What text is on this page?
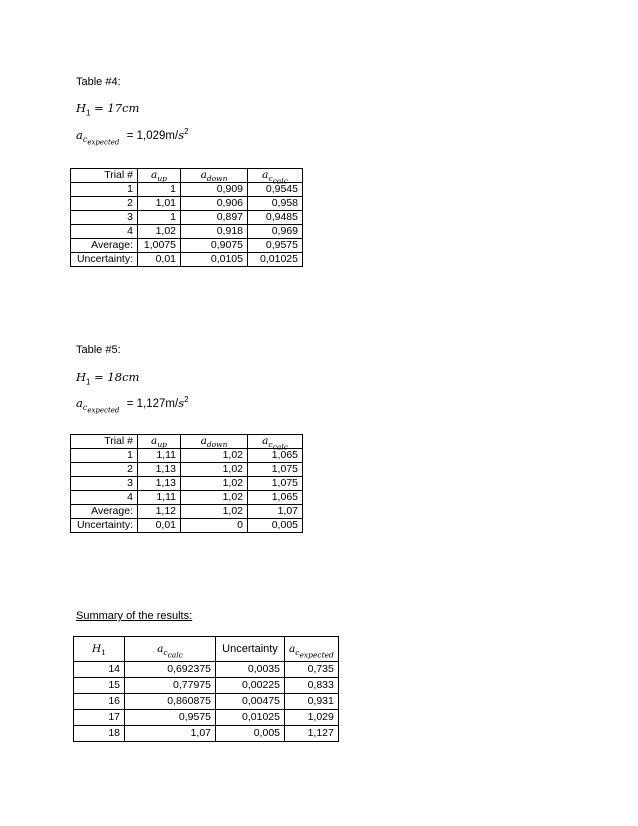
Table #4:
$H_1 = 17cm$
$a_{c_{expected}} = 1,029m/s^2$
Trial #	$a_{up}$	$a_{down}$	$a_{c_{calc}}$
1	1	0,909	0,9545
2	1,01	0,906	0,958
3	1	0,897	0,9485
4	1,02	0,918	0,969
Average:	1,0075	0,9075	0,9575
Uncertainty:	0,01	0,0105	0,01025
Table #5:
$H_1 = 18cm$
$a_{c_{expected}} = 1,127m/s^2$
Trial #	$a_{up}$	$a_{down}$	$a_{c_{calc}}$
1	1,11	1,02	1,065
2	1,13	1,02	1,075
3	1,13	1,02	1,075
4	1,11	1,02	1,065
Average:	1,12	1,02	1,07
Uncertainty:	0,01	0	0,005
Summary of the results:
$H_1$	$a_{c_{calc}}$	Uncertainty	$a_{c_{expected}}$
14	0,692375	0,0035	0,735
15	0,77975	0,00225	0,833
16	0,860875	0,00475	0,931
17	0,9575	0,01025	1,029
18	1,07	0,005	1,127
